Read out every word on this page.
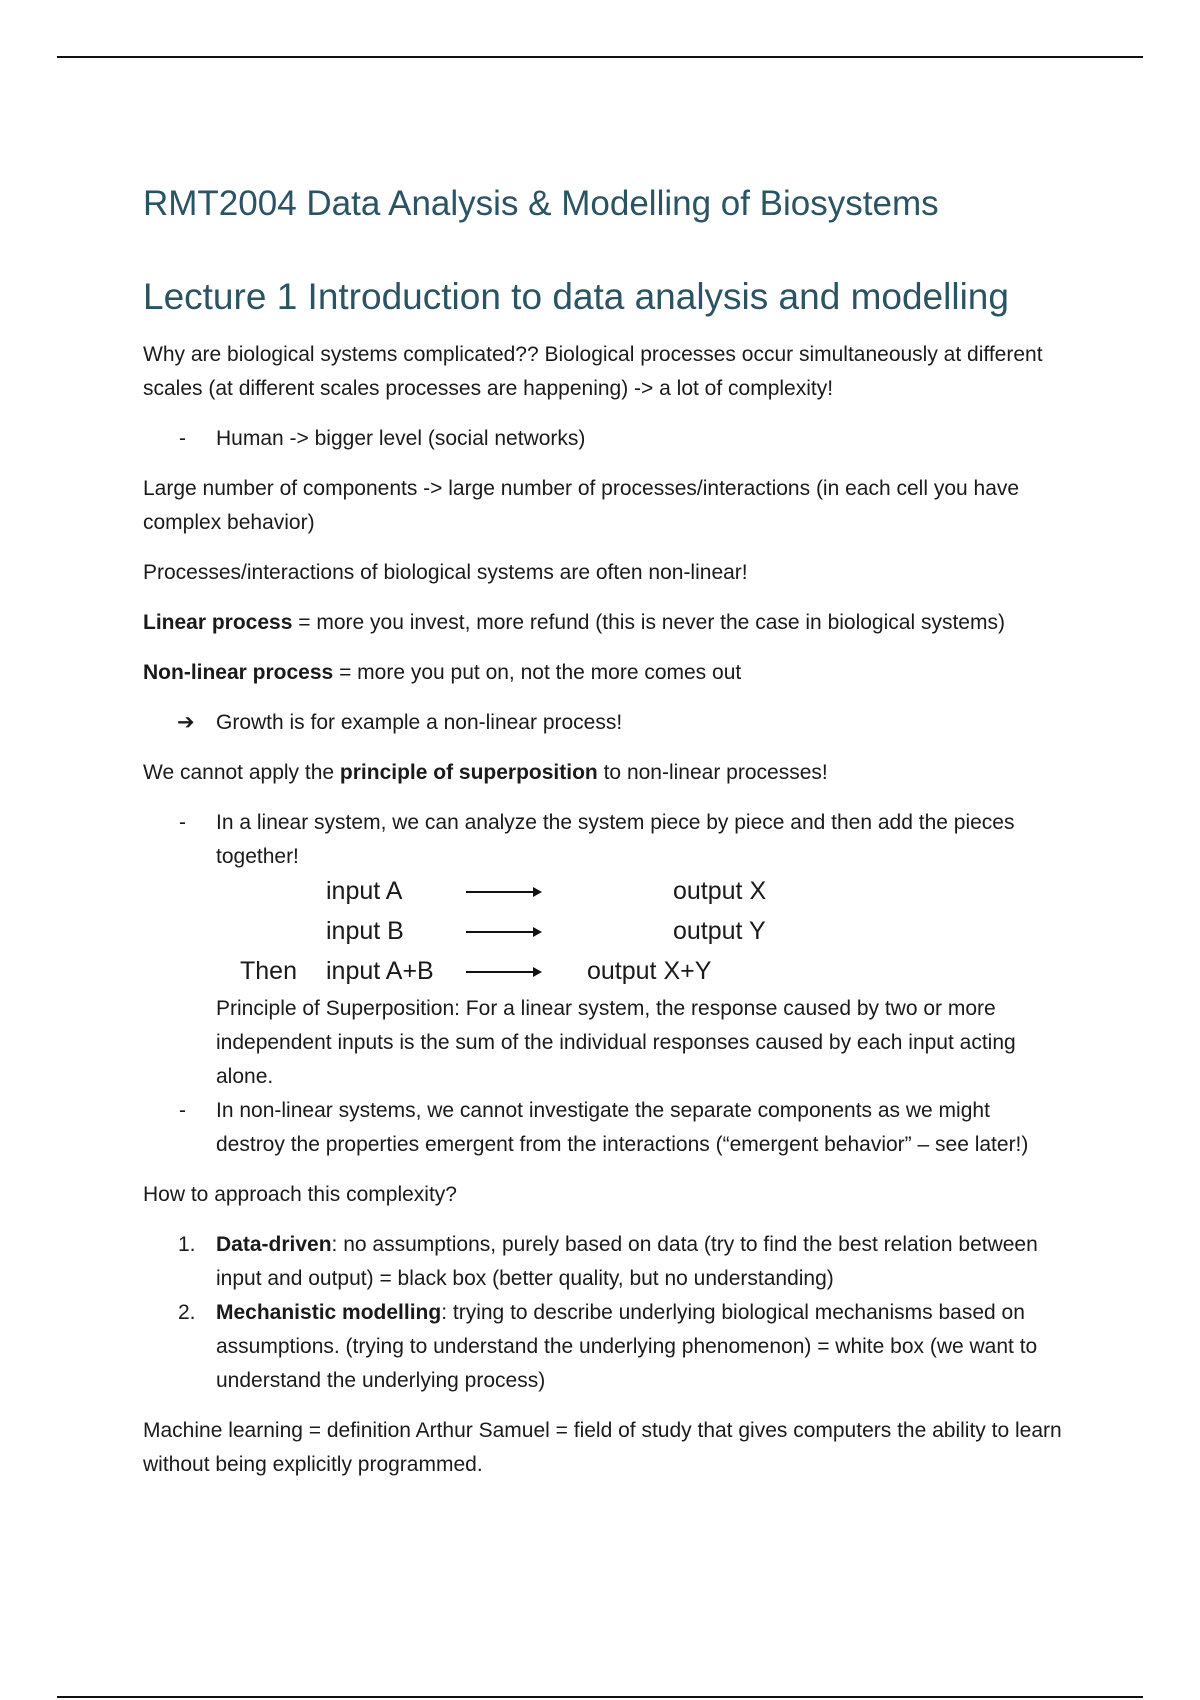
RMT2004 Data Analysis & Modelling of Biosystems
Lecture 1 Introduction to data analysis and modelling

Why are biological systems complicated?? Biological processes occur simultaneously at different scales (at different scales processes are happening) -> a lot of complexity!

- Human -> bigger level (social networks)

Large number of components -> large number of processes/interactions (in each cell you have complex behavior)

Processes/interactions of biological systems are often non-linear!

Linear process = more you invest, more refund (this is never the case in biological systems)

Non-linear process = more you put on, not the more comes out

➔ Growth is for example a non-linear process!

We cannot apply the principle of superposition to non-linear processes!

- In a linear system, we can analyze the system piece by piece and then add the pieces together!
input A	output X
input B	output Y
Then input A+B	output X+Y
Principle of Superposition: For a linear system, the response caused by two or more independent inputs is the sum of the individual responses caused by each input acting alone.
- In non-linear systems, we cannot investigate the separate components as we might destroy the properties emergent from the interactions (“emergent behavior” – see later!)

How to approach this complexity?

1. Data-driven: no assumptions, purely based on data (try to find the best relation between input and output) = black box (better quality, but no understanding)
2. Mechanistic modelling: trying to describe underlying biological mechanisms based on assumptions. (trying to understand the underlying phenomenon) = white box (we want to understand the underlying process)

Machine learning = definition Arthur Samuel = field of study that gives computers the ability to learn without being explicitly programmed.
